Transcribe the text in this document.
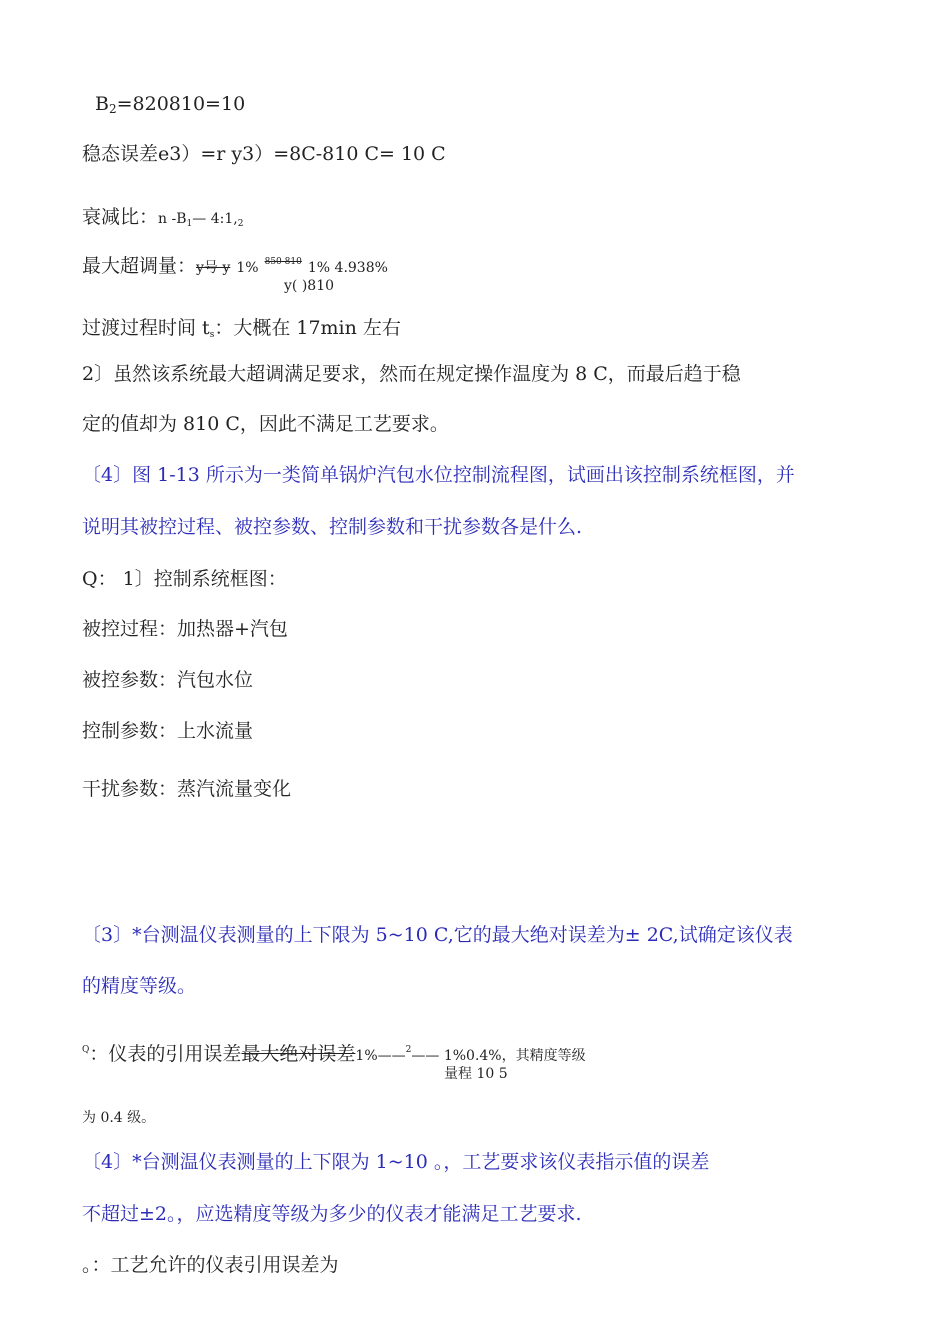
$B_2=820810=10$
稳态误差e3）=r y3）=8C-810 C= 10 C
衰减比：n $-B_1—$ $4:1,_2$
最大超调量：y号 y 1% $^{850 810}$ 1% 4.938%
y( )810
过渡过程时间 $t_s$：大概在 17min 左右
2〕虽然该系统最大超调满足要求，然而在规定操作温度为 8 C，而最后趋于稳
定的值却为 810 C，因此不满足工艺要求。
〔4〕图 1-13 所示为一类简单锅炉汽包水位控制流程图，试画出该控制系统框图，并
说明其被控过程、被控参数、控制参数和干扰参数各是什么.
Q： 1〕控制系统框图：
被控过程：加热器+汽包
被控参数：汽包水位
控制参数：上水流量
干扰参数：蒸汽流量变化
〔3〕*台测温仪表测量的上下限为 5~10 C,它的最大绝对误差为± 2C,试确定该仪表
的精度等级。
$^Q$：仪表的引用误差最大绝对误差1%——$^2$—— 1%0.4%，其精度等级
量程 10 5
为 0.4 级。
〔4〕*台测温仪表测量的上下限为 1~10 。，工艺要求该仪表指示值的误差
不超过±2。，应选精度等级为多少的仪表才能满足工艺要求.
。：工艺允许的仪表引用误差为
